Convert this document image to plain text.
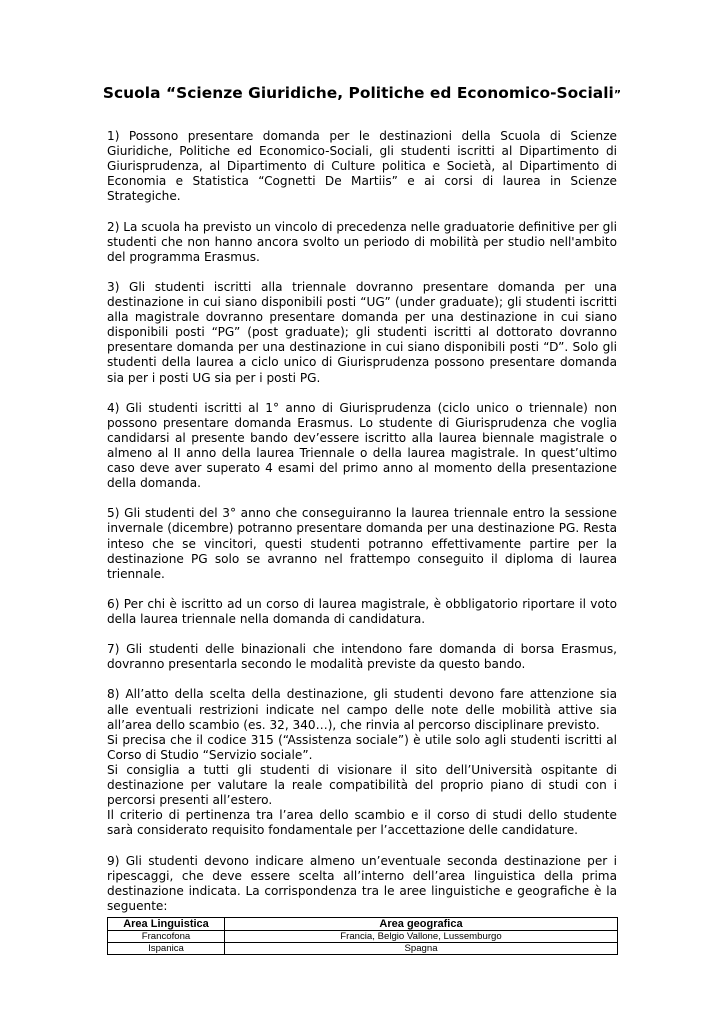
Scuola “Scienze Giuridiche, Politiche ed Economico-Sociali”

1) Possono presentare domanda per le destinazioni della Scuola di Scienze Giuridiche, Politiche ed Economico-Sociali, gli studenti iscritti al Dipartimento di Giurisprudenza, al Dipartimento di Culture politica e Società, al Dipartimento di Economia e Statistica “Cognetti De Martiis” e ai corsi di laurea in Scienze Strategiche.

2) La scuola ha previsto un vincolo di precedenza nelle graduatorie definitive per gli studenti che non hanno ancora svolto un periodo di mobilità per studio nell'ambito del programma Erasmus.

3) Gli studenti iscritti alla triennale dovranno presentare domanda per una destinazione in cui siano disponibili posti “UG” (under graduate); gli studenti iscritti alla magistrale dovranno presentare domanda per una destinazione in cui siano disponibili posti “PG” (post graduate); gli studenti iscritti al dottorato dovranno presentare domanda per una destinazione in cui siano disponibili posti “D”. Solo gli studenti della laurea a ciclo unico di Giurisprudenza possono presentare domanda sia per i posti UG sia per i posti PG.

4) Gli studenti iscritti al 1° anno di Giurisprudenza (ciclo unico o triennale) non possono presentare domanda Erasmus. Lo studente di Giurisprudenza che voglia candidarsi al presente bando dev’essere iscritto alla laurea biennale magistrale o almeno al II anno della laurea Triennale o della laurea magistrale. In quest’ultimo caso deve aver superato 4 esami del primo anno al momento della presentazione della domanda.

5) Gli studenti del 3° anno che conseguiranno la laurea triennale entro la sessione invernale (dicembre) potranno presentare domanda per una destinazione PG. Resta inteso che se vincitori, questi studenti potranno effettivamente partire per la destinazione PG solo se avranno nel frattempo conseguito il diploma di laurea triennale.

6) Per chi è iscritto ad un corso di laurea magistrale, è obbligatorio riportare il voto della laurea triennale nella domanda di candidatura.

7) Gli studenti delle binazionali che intendono fare domanda di borsa Erasmus, dovranno presentarla secondo le modalità previste da questo bando.

8) All’atto della scelta della destinazione, gli studenti devono fare attenzione sia alle eventuali restrizioni indicate nel campo delle note delle mobilità attive sia all’area dello scambio (es. 32, 340…), che rinvia al percorso disciplinare previsto.

Si precisa che il codice 315 (“Assistenza sociale”) è utile solo agli studenti iscritti al Corso di Studio “Servizio sociale”.

Si consiglia a tutti gli studenti di visionare il sito dell’Università ospitante di destinazione per valutare la reale compatibilità del proprio piano di studi con i percorsi presenti all’estero.

Il criterio di pertinenza tra l’area dello scambio e il corso di studi dello studente sarà considerato requisito fondamentale per l’accettazione delle candidature.

9) Gli studenti devono indicare almeno un’eventuale seconda destinazione per i ripescaggi, che deve essere scelta all’interno dell’area linguistica della prima destinazione indicata. La corrispondenza tra le aree linguistiche e geografiche è la seguente:

Area Linguistica	Area geografica
Francofona	Francia, Belgio Vallone, Lussemburgo
Ispanica	Spagna
